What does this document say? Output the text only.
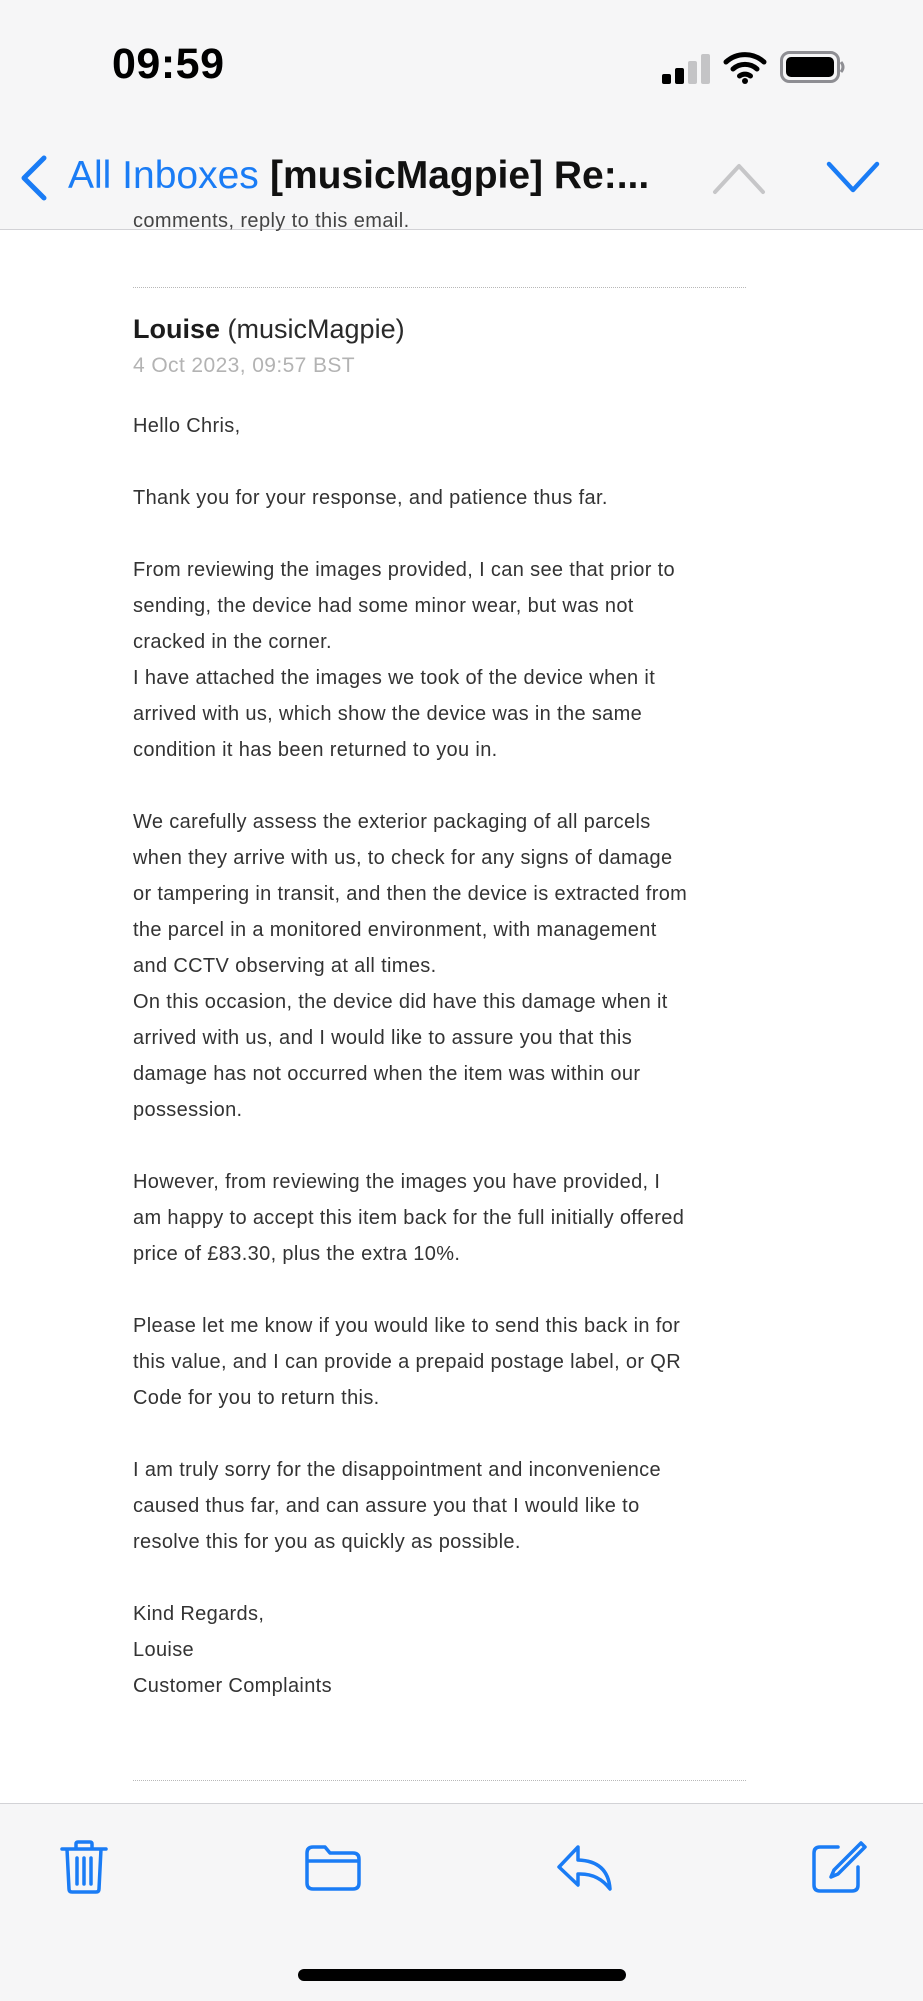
09:59
All Inboxes [musicMagpie] Re:...
comments, reply to this email.
Louise (musicMagpie)
4 Oct 2023, 09:57 BST

Hello Chris,

Thank you for your response, and patience thus far.

From reviewing the images provided, I can see that prior to

sending, the device had some minor wear, but was not

cracked in the corner.

I have attached the images we took of the device when it

arrived with us, which show the device was in the same

condition it has been returned to you in.

We carefully assess the exterior packaging of all parcels

when they arrive with us, to check for any signs of damage

or tampering in transit, and then the device is extracted from

the parcel in a monitored environment, with management

and CCTV observing at all times.

On this occasion, the device did have this damage when it

arrived with us, and I would like to assure you that this

damage has not occurred when the item was within our

possession.

However, from reviewing the images you have provided, I

am happy to accept this item back for the full initially offered

price of £83.30, plus the extra 10%.

Please let me know if you would like to send this back in for

this value, and I can provide a prepaid postage label, or QR

Code for you to return this.

I am truly sorry for the disappointment and inconvenience

caused thus far, and can assure you that I would like to

resolve this for you as quickly as possible.

Kind Regards,

Louise

Customer Complaints
